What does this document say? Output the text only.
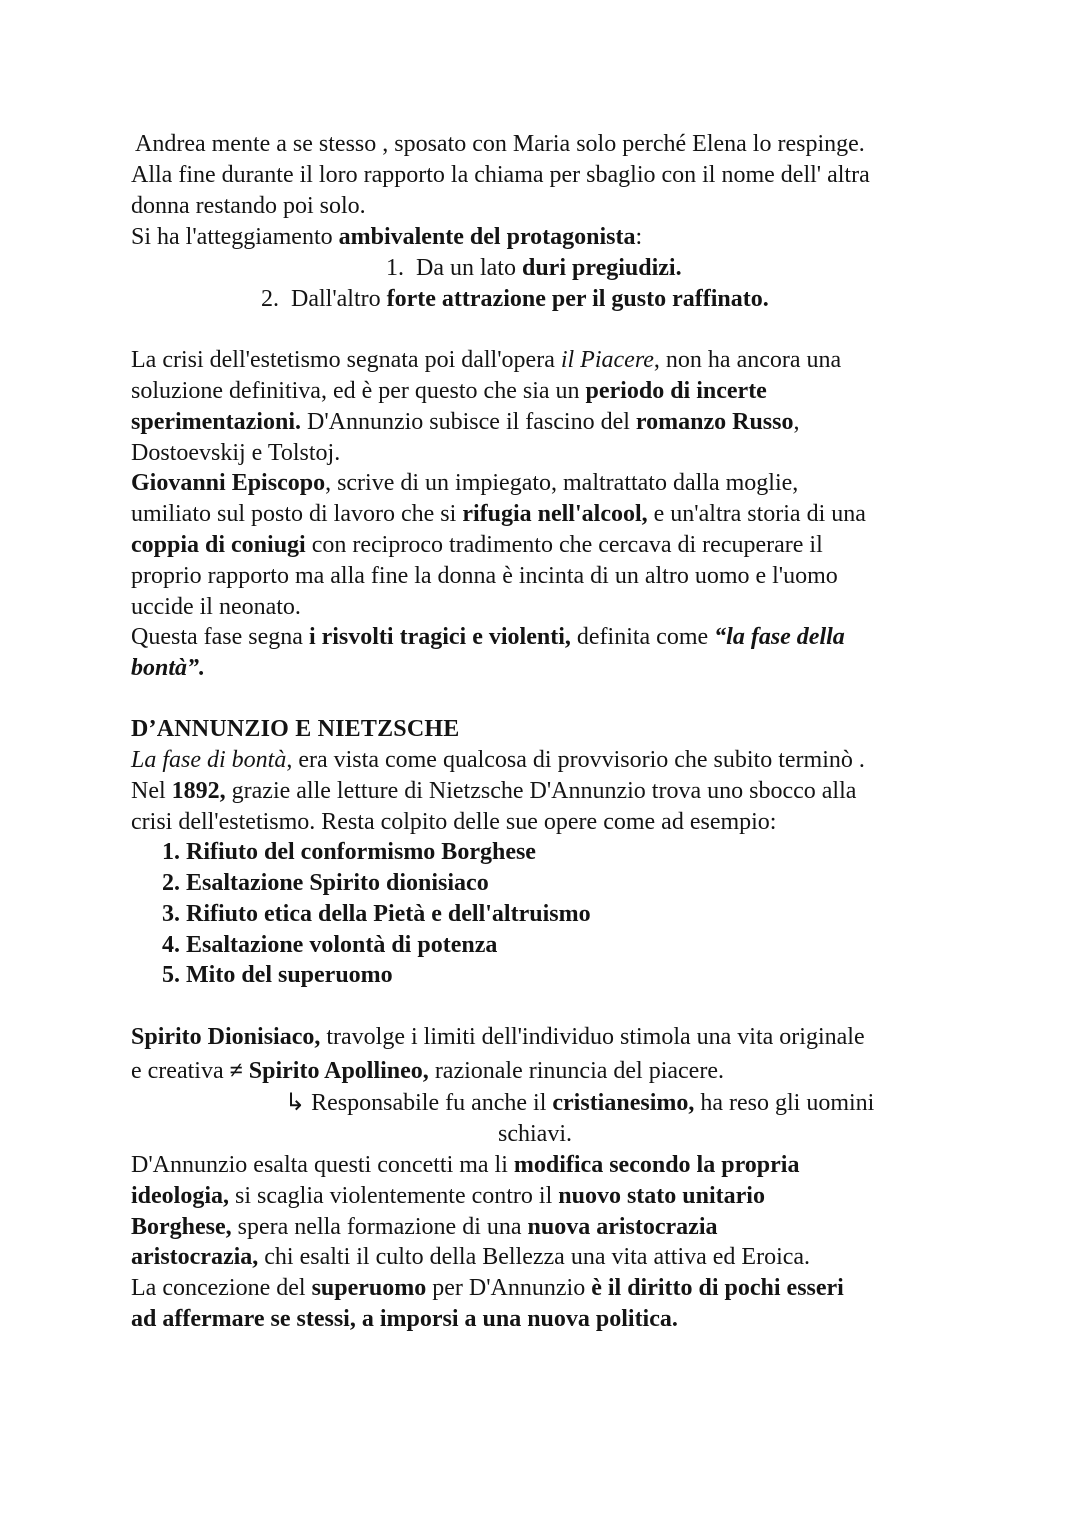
Andrea mente a se stesso , sposato con Maria solo perché Elena lo respinge.
Alla fine durante il loro rapporto la chiama per sbaglio con il nome dell' altra
donna restando poi solo.
Si ha l'atteggiamento ambivalente del protagonista:
1. Da un lato duri pregiudizi.
2. Dall'altro forte attrazione per il gusto raffinato.
La crisi dell'estetismo segnata poi dall'opera il Piacere, non ha ancora una
soluzione definitiva, ed è per questo che sia un periodo di incerte
sperimentazioni. D'Annunzio subisce il fascino del romanzo Russo,
Dostoevskij e Tolstoj.
Giovanni Episcopo, scrive di un impiegato, maltrattato dalla moglie,
umiliato sul posto di lavoro che si rifugia nell'alcool, e un'altra storia di una
coppia di coniugi con reciproco tradimento che cercava di recuperare il
proprio rapporto ma alla fine la donna è incinta di un altro uomo e l'uomo
uccide il neonato.
Questa fase segna i risvolti tragici e violenti, definita come “la fase della
bontà”.
D’ANNUNZIO E NIETZSCHE
La fase di bontà, era vista come qualcosa di provvisorio che subito terminò .
Nel 1892, grazie alle letture di Nietzsche D'Annunzio trova uno sbocco alla
crisi dell'estetismo. Resta colpito delle sue opere come ad esempio:
1. Rifiuto del conformismo Borghese
2. Esaltazione Spirito dionisiaco
3. Rifiuto etica della Pietà e dell'altruismo
4. Esaltazione volontà di potenza
5. Mito del superuomo
Spirito Dionisiaco, travolge i limiti dell'individuo stimola una vita originale
e creativa ≠ Spirito Apollineo, razionale rinuncia del piacere.
↳ Responsabile fu anche il cristianesimo, ha reso gli uomini
schiavi.
D'Annunzio esalta questi concetti ma li modifica secondo la propria
ideologia, si scaglia violentemente contro il nuovo stato unitario
Borghese, spera nella formazione di una nuova aristocrazia
aristocrazia, chi esalti il culto della Bellezza una vita attiva ed Eroica.
La concezione del superuomo per D'Annunzio è il diritto di pochi esseri
ad affermare se stessi, a imporsi a una nuova politica.
